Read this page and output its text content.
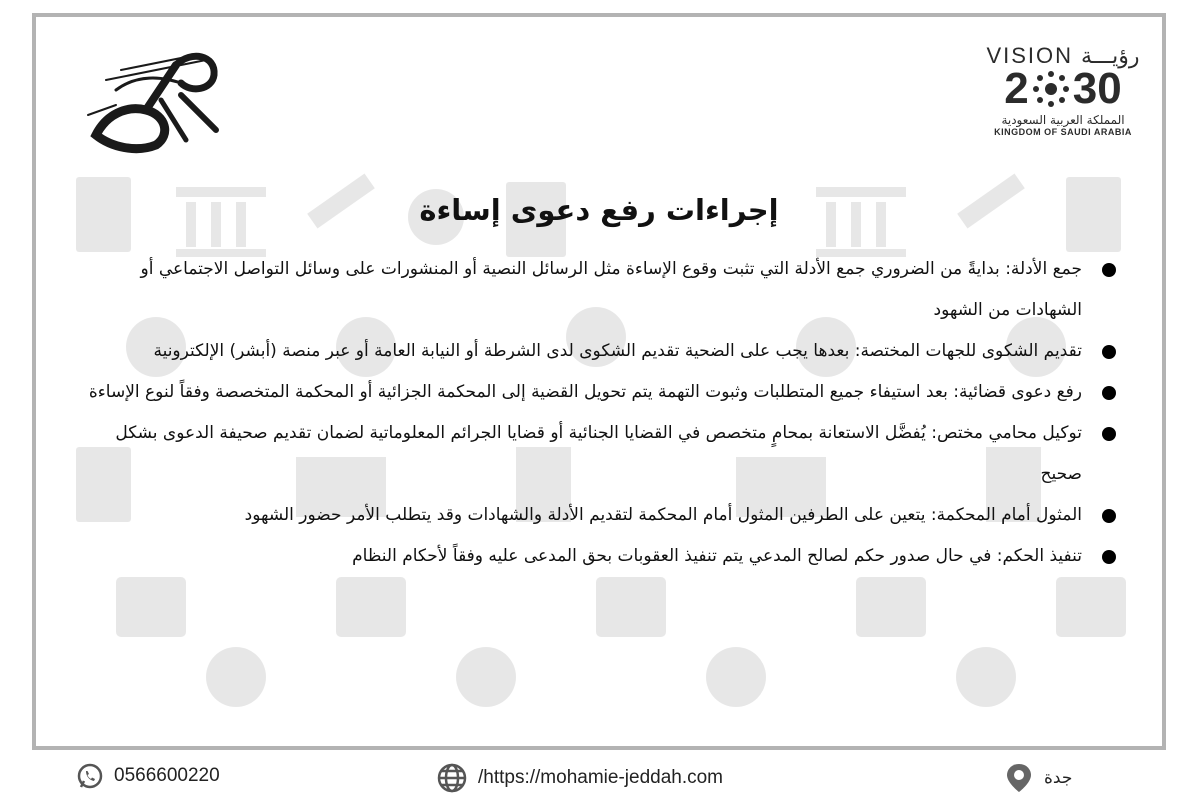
VISION رؤيـــة
2 30
المملكة العربية السعودية
KINGDOM OF SAUDI ARABIA
إجراءات رفع دعوى إساءة
جمع الأدلة: بدايةً من الضروري جمع الأدلة التي تثبت وقوع الإساءة مثل الرسائل النصية أو المنشورات على وسائل التواصل الاجتماعي أو الشهادات من الشهود
تقديم الشكوى للجهات المختصة: بعدها يجب على الضحية تقديم الشكوى لدى الشرطة أو النيابة العامة أو عبر منصة (أبشر) الإلكترونية
رفع دعوى قضائية: بعد استيفاء جميع المتطلبات وثبوت التهمة يتم تحويل القضية إلى المحكمة الجزائية أو المحكمة المتخصصة وفقاً لنوع الإساءة
توكيل محامي مختص: يُفضَّل الاستعانة بمحامٍ متخصص في القضايا الجنائية أو قضايا الجرائم المعلوماتية لضمان تقديم صحيفة الدعوى بشكل صحيح
المثول أمام المحكمة: يتعين على الطرفين المثول أمام المحكمة لتقديم الأدلة والشهادات وقد يتطلب الأمر حضور الشهود
تنفيذ الحكم: في حال صدور حكم لصالح المدعي يتم تنفيذ العقوبات بحق المدعى عليه وفقاً لأحكام النظام
0566600220	/https://mohamie-jeddah.com	جدة
